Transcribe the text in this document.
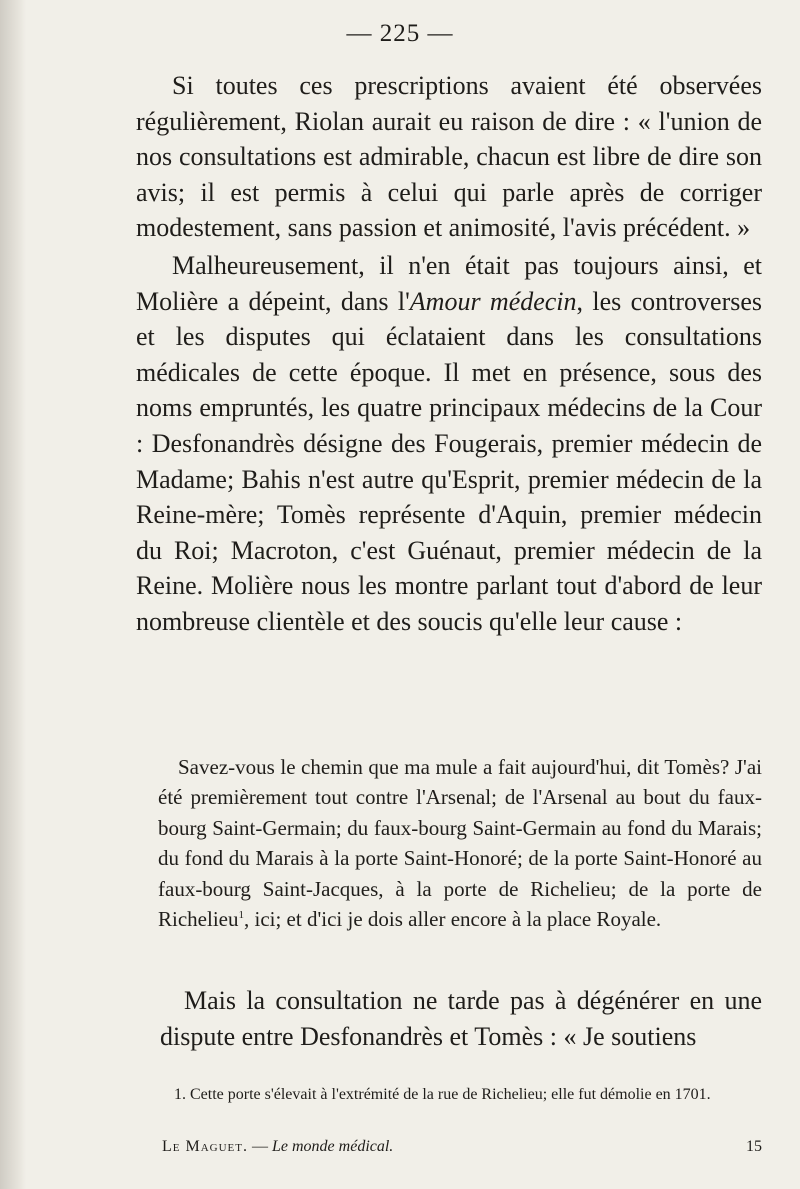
— 225 —

Si toutes ces prescriptions avaient été observées régulièrement, Riolan aurait eu raison de dire : « l'union de nos consultations est admirable, chacun est libre de dire son avis; il est permis à celui qui parle après de corriger modestement, sans passion et animosité, l'avis précédent. »

Malheureusement, il n'en était pas toujours ainsi, et Molière a dépeint, dans l'Amour médecin, les controverses et les disputes qui éclataient dans les consultations médicales de cette époque. Il met en présence, sous des noms empruntés, les quatre principaux médecins de la Cour : Desfonandrès désigne des Fougerais, premier médecin de Madame; Bahis n'est autre qu'Esprit, premier médecin de la Reine-mère; Tomès représente d'Aquin, premier médecin du Roi; Macroton, c'est Guénaut, premier médecin de la Reine. Molière nous les montre parlant tout d'abord de leur nombreuse clientèle et des soucis qu'elle leur cause :

Savez-vous le chemin que ma mule a fait aujourd'hui, dit Tomès? J'ai été premièrement tout contre l'Arsenal; de l'Arsenal au bout du faux-bourg Saint-Germain; du faux-bourg Saint-Germain au fond du Marais; du fond du Marais à la porte Saint-Honoré; de la porte Saint-Honoré au faux-bourg Saint-Jacques, à la porte de Richelieu; de la porte de Richelieu$^1$, ici; et d'ici je dois aller encore à la place Royale.

Mais la consultation ne tarde pas à dégénérer en une dispute entre Desfonandrès et Tomès : « Je soutiens

1. Cette porte s'élevait à l'extrémité de la rue de Richelieu; elle fut démolie en 1701.

Le Maguet. — Le monde médical.	15
